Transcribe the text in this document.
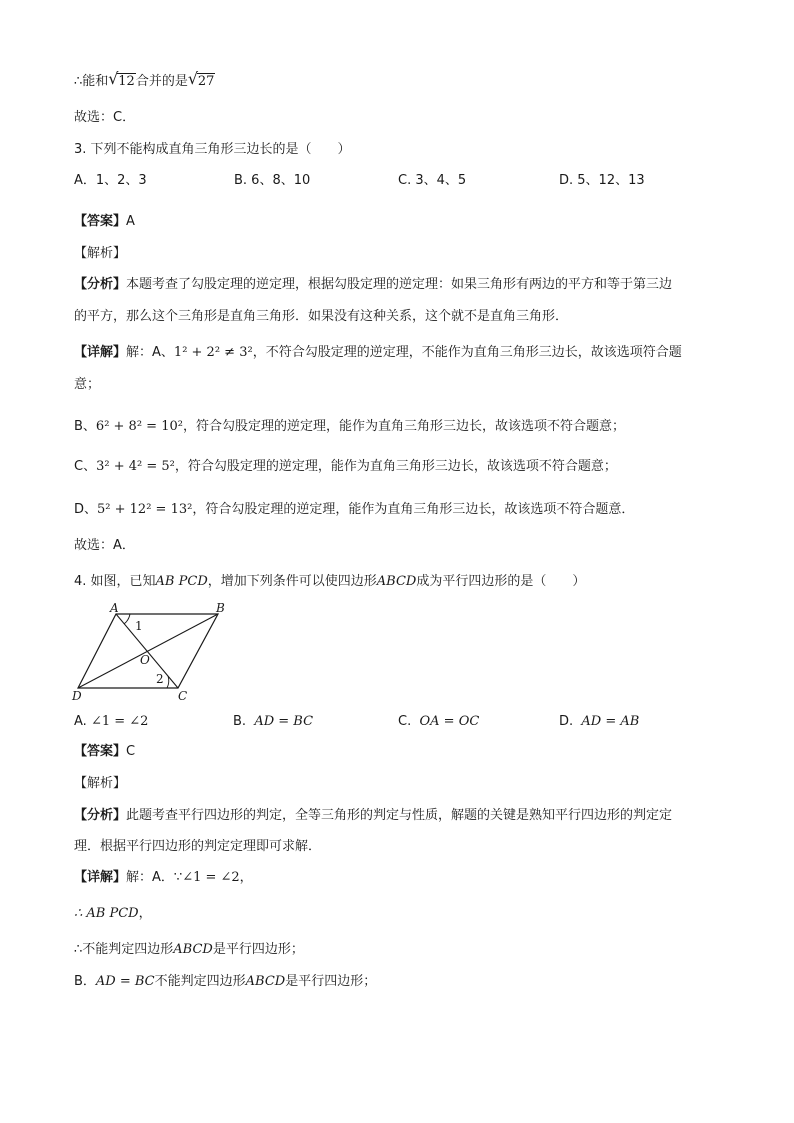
∴能和 √ 12合并的是 √ 27
故选：C．
3. 下列不能构成直角三角形三边长的是（　　）
A．1、2、3	B. 6、8、10	C. 3、4、5	D. 5、12、13
【答案】A
【解析】
【分析】本题考查了勾股定理的逆定理，根据勾股定理的逆定理：如果三角形有两边的平方和等于第三边
的平方，那么这个三角形是直角三角形．如果没有这种关系，这个就不是直角三角形．
【详解】解：A、1² + 2² ≠ 3²，不符合勾股定理的逆定理，不能作为直角三角形三边长，故该选项符合题
意；
B、6² + 8² = 10²，符合勾股定理的逆定理，能作为直角三角形三边长，故该选项不符合题意；
C、3² + 4² = 5²，符合勾股定理的逆定理，能作为直角三角形三边长，故该选项不符合题意；
D、5² + 12² = 13²，符合勾股定理的逆定理，能作为直角三角形三边长，故该选项不符合题意．
故选：A．
4. 如图，已知AB PCD，增加下列条件可以使四边形ABCD成为平行四边形的是（　　）
A	B
C
D
O
1
2
A. ∠1 = ∠2	B. AD = BC	C. OA = OC	D. AD = AB
【答案】C
【解析】
【分析】此题考查平行四边形的判定，全等三角形的判定与性质，解题的关键是熟知平行四边形的判定定
理．根据平行四边形的判定定理即可求解．
【详解】解：A．∵∠1 = ∠2，
∴ AB PCD，
∴不能判定四边形ABCD是平行四边形；
B．AD = BC不能判定四边形ABCD是平行四边形；
